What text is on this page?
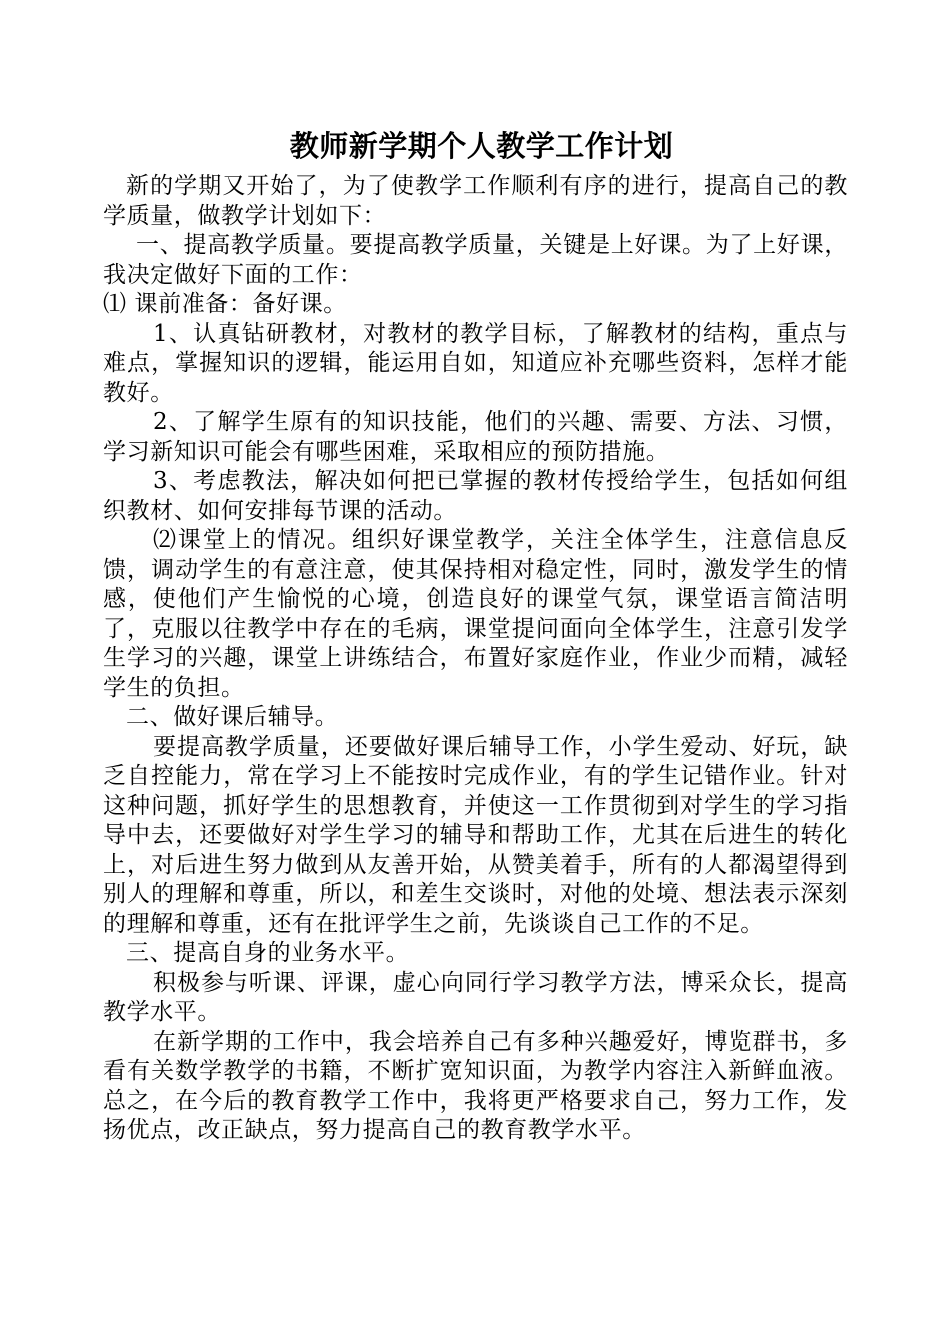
教师新学期个人教学工作计划

新的学期又开始了，为了使教学工作顺利有序的进行，提高自己的教学质量，做教学计划如下：

一、提高教学质量。要提高教学质量，关键是上好课。为了上好课，我决定做好下面的工作：

⑴ 课前准备：备好课。

1、认真钻研教材，对教材的教学目标，了解教材的结构，重点与难点，掌握知识的逻辑，能运用自如，知道应补充哪些资料，怎样才能教好。

2、了解学生原有的知识技能，他们的兴趣、需要、方法、习惯，学习新知识可能会有哪些困难，采取相应的预防措施。

3、考虑教法，解决如何把已掌握的教材传授给学生，包括如何组织教材、如何安排每节课的活动。

⑵课堂上的情况。组织好课堂教学，关注全体学生，注意信息反馈，调动学生的有意注意，使其保持相对稳定性，同时，激发学生的情感，使他们产生愉悦的心境，创造良好的课堂气氛，课堂语言简洁明了，克服以往教学中存在的毛病，课堂提问面向全体学生，注意引发学生学习的兴趣，课堂上讲练结合，布置好家庭作业，作业少而精，减轻学生的负担。

二、做好课后辅导。

要提高教学质量，还要做好课后辅导工作，小学生爱动、好玩，缺乏自控能力，常在学习上不能按时完成作业，有的学生记错作业。针对这种问题，抓好学生的思想教育，并使这一工作贯彻到对学生的学习指导中去，还要做好对学生学习的辅导和帮助工作，尤其在后进生的转化上，对后进生努力做到从友善开始，从赞美着手，所有的人都渴望得到别人的理解和尊重，所以，和差生交谈时，对他的处境、想法表示深刻的理解和尊重，还有在批评学生之前，先谈谈自己工作的不足。

三、提高自身的业务水平。

积极参与听课、评课，虚心向同行学习教学方法，博采众长，提高教学水平。

在新学期的工作中，我会培养自己有多种兴趣爱好，博览群书，多看有关数学教学的书籍，不断扩宽知识面，为教学内容注入新鲜血液。总之，在今后的教育教学工作中，我将更严格要求自己，努力工作，发扬优点，改正缺点，努力提高自己的教育教学水平。
